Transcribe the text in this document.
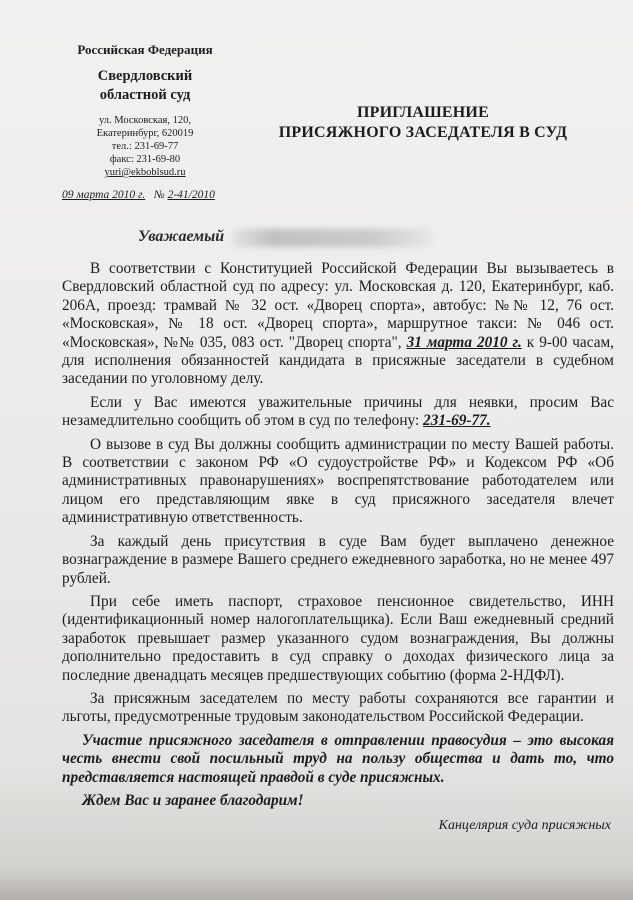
Российская Федерация
Свердловский
областной суд
ул. Московская, 120,
Екатеринбург, 620019
тел.: 231-69-77
факс: 231-69-80
yuri@ekboblsud.ru
09 марта 2010 г. № 2-41/2010
ПРИГЛАШЕНИЕ
ПРИСЯЖНОГО ЗАСЕДАТЕЛЯ В СУД
Уважаемый

В соответствии с Конституцией Российской Федерации Вы вызываетесь в Свердловский областной суд по адресу: ул. Московская д. 120, Екатеринбург, каб. 206А, проезд: трамвай № 32 ост. «Дворец спорта», автобус: №№ 12, 76 ост. «Московская», № 18 ост. «Дворец спорта», маршрутное такси: № 046 ост. «Московская», №№ 035, 083 ост. "Дворец спорта", 31 марта 2010 г. к 9-00 часам, для исполнения обязанностей кандидата в присяжные заседатели в судебном заседании по уголовному делу.

Если у Вас имеются уважительные причины для неявки, просим Вас незамедлительно сообщить об этом в суд по телефону: 231-69-77.

О вызове в суд Вы должны сообщить администрации по месту Вашей работы. В соответствии с законом РФ «О судоустройстве РФ» и Кодексом РФ «Об административных правонарушениях» воспрепятствование работодателем или лицом его представляющим явке в суд присяжного заседателя влечет административную ответственность.

За каждый день присутствия в суде Вам будет выплачено денежное вознаграждение в размере Вашего среднего ежедневного заработка, но не менее 497 рублей.

При себе иметь паспорт, страховое пенсионное свидетельство, ИНН (идентификационный номер налогоплательщика). Если Ваш ежедневный средний заработок превышает размер указанного судом вознаграждения, Вы должны дополнительно предоставить в суд справку о доходах физического лица за последние двенадцать месяцев предшествующих событию (форма 2-НДФЛ).

За присяжным заседателем по месту работы сохраняются все гарантии и льготы, предусмотренные трудовым законодательством Российской Федерации.

Участие присяжного заседателя в отправлении правосудия – это высокая честь внести свой посильный труд на пользу общества и дать то, что представляется настоящей правдой в суде присяжных.

Ждем Вас и заранее благодарим!

Канцелярия суда присяжных
